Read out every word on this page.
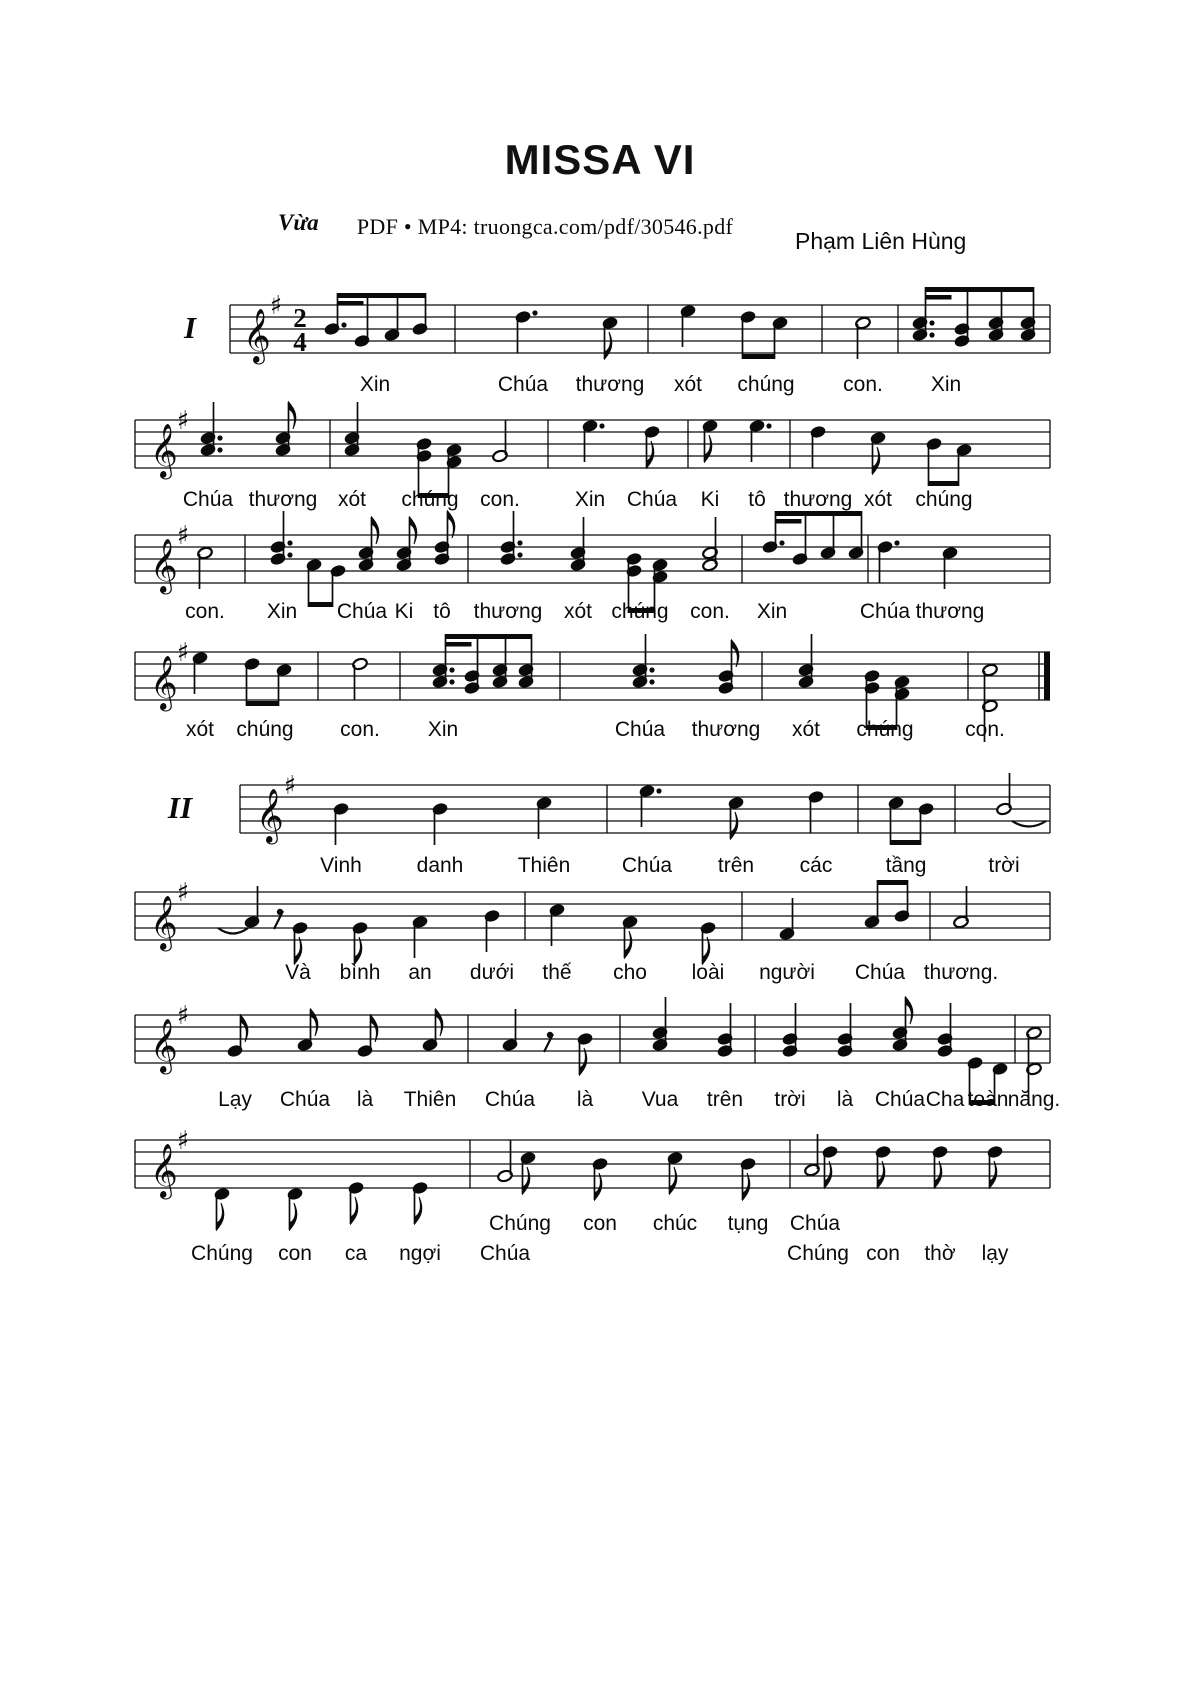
MISSA VI
Vừa	PDF • MP4: truongca.com/pdf/30546.pdf
Phạm Liên Hùng
I 𝄞
♯ 2
4
Xin	Chúa thương xót chúng con. Xin
𝄞
♯
Chúa thương xót chúng con.	Xin Chúa Ki tô thương xót chúng
𝄞
♯
con. Xin Chúa Ki tô thương xót chúng con. Xin	Chúa thương
𝄞
♯
xót chúng con. Xin	Chúa thương xót chúng con.
II 𝄞
♯
Vinh	danh	Thiên Chúa trên các	tầng	trời
𝄞
♯
Và bình an dưới thế cho loài người Chúa thương.
𝄞
♯
Lạy Chúa là Thiên Chúa là Vua trên trời là Chúa Cha toàn năng.
𝄞
♯
Chúng con chúc tụng Chúa
Chúng con ca ngợi Chúa	Chúng con thờ lạy
